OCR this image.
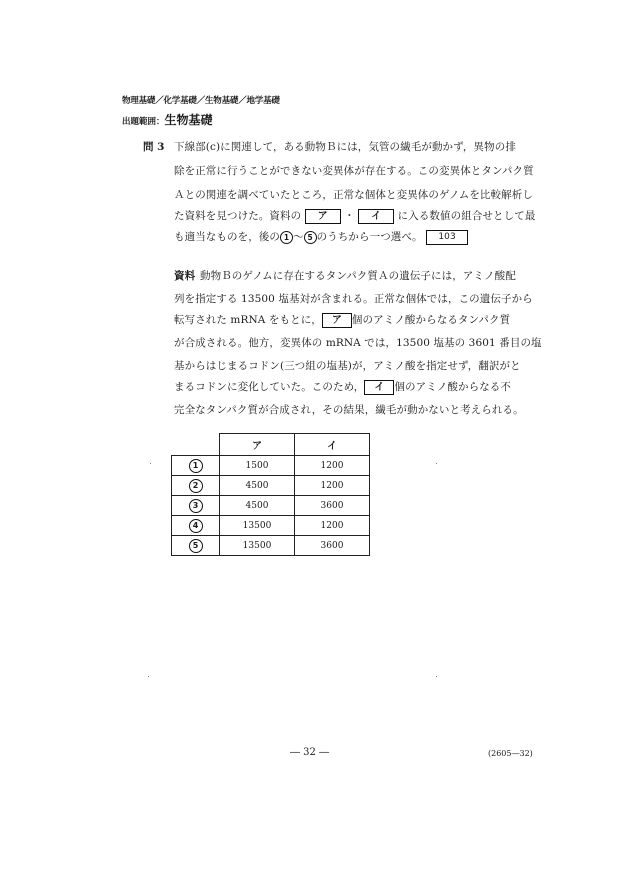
物理基礎／化学基礎／生物基礎／地学基礎
出題範囲：生物基礎
問 3 下線部(c)に関連して，ある動物Ｂには，気管の繊毛が動かず，異物の排
除を正常に行うことができない変異体が存在する。この変異体とタンパク質
Ａとの関連を調べていたところ，正常な個体と変異体のゲノムを比較解析し
た資料を見つけた。資料の ア ・ イ に入る数値の組合せとして最
も適当なものを，後の 1 ～ 5 のうちから一つ選べ。 103
資料 動物Ｂのゲノムに存在するタンパク質Ａの遺伝子には，アミノ酸配
列を指定する 13500 塩基対が含まれる。正常な個体では，この遺伝子から
転写された mRNA をもとに， ア 個のアミノ酸からなるタンパク質
が合成される。他方，変異体の mRNA では，13500 塩基の 3601 番目の塩
基からはじまるコドン(三つ組の塩基)が，アミノ酸を指定せず，翻訳がと
まるコドンに変化していた。このため， イ 個のアミノ酸からなる不
完全なタンパク質が合成され，その結果，繊毛が動かないと考えられる。
	ア	イ
1	1500	1200
2	4500	1200
3	4500	3600
4	13500	1200
5	13500	3600
― 32 ―	(2605―32)
